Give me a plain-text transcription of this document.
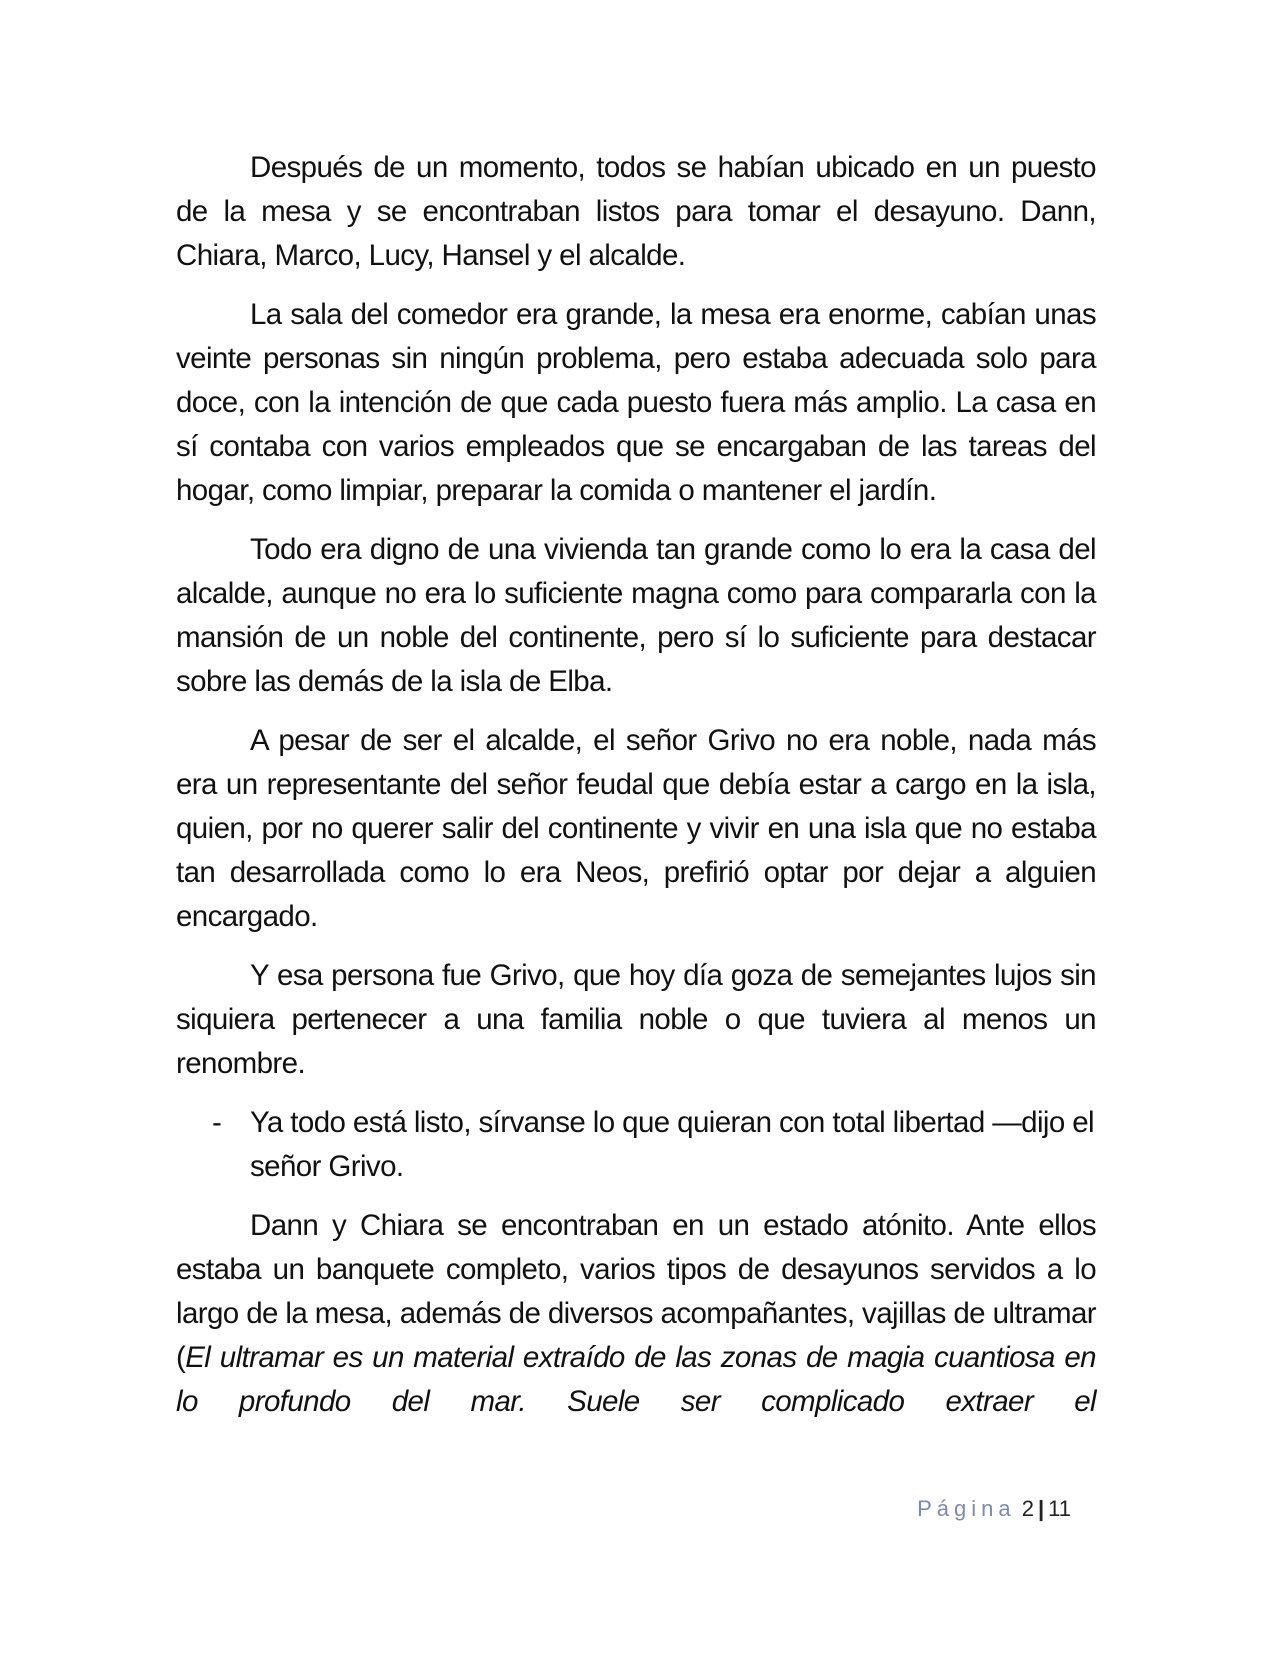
Después de un momento, todos se habían ubicado en un puesto de la mesa y se encontraban listos para tomar el desayuno. Dann, Chiara, Marco, Lucy, Hansel y el alcalde.

La sala del comedor era grande, la mesa era enorme, cabían unas veinte personas sin ningún problema, pero estaba adecuada solo para doce, con la intención de que cada puesto fuera más amplio. La casa en sí contaba con varios empleados que se encargaban de las tareas del hogar, como limpiar, preparar la comida o mantener el jardín.

Todo era digno de una vivienda tan grande como lo era la casa del alcalde, aunque no era lo suficiente magna como para compararla con la mansión de un noble del continente, pero sí lo suficiente para destacar sobre las demás de la isla de Elba.

A pesar de ser el alcalde, el señor Grivo no era noble, nada más era un representante del señor feudal que debía estar a cargo en la isla, quien, por no querer salir del continente y vivir en una isla que no estaba tan desarrollada como lo era Neos, prefirió optar por dejar a alguien encargado.

Y esa persona fue Grivo, que hoy día goza de semejantes lujos sin siquiera pertenecer a una familia noble o que tuviera al menos un renombre.

- Ya todo está listo, sírvanse lo que quieran con total libertad —dijo el señor Grivo.

Dann y Chiara se encontraban en un estado atónito. Ante ellos estaba un banquete completo, varios tipos de desayunos servidos a lo largo de la mesa, además de diversos acompañantes, vajillas de ultramar (El ultramar es un material extraído de las zonas de magia cuantiosa en lo profundo del mar. Suele ser complicado extraer el

Página 2 | 11
